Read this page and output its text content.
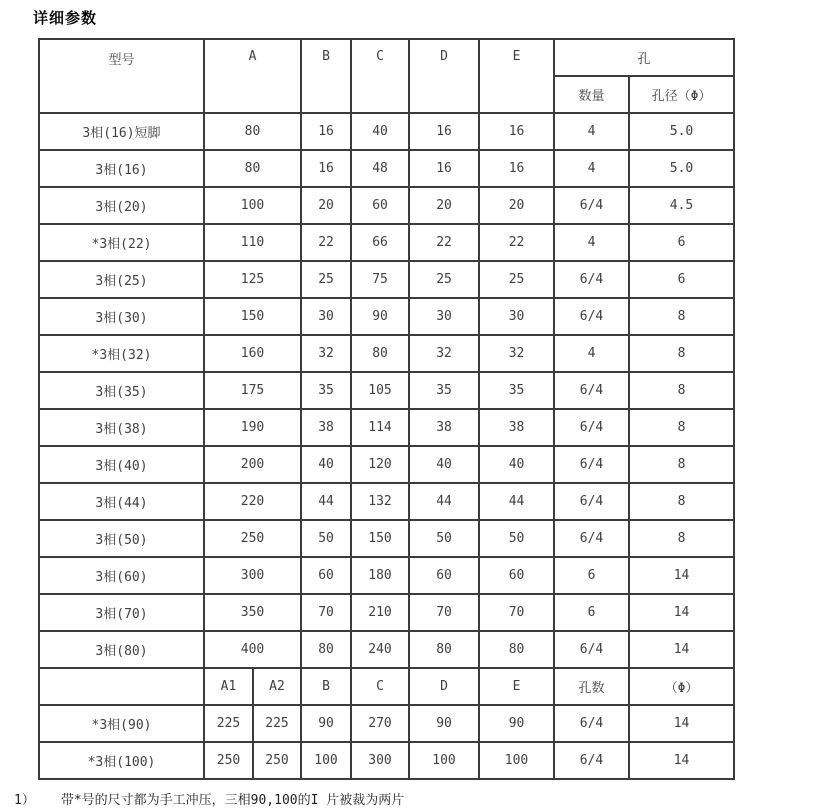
详细参数
型号	A		B	C	D	E	孔	
							数量	孔径（Φ）
3相(16)短脚	80		16	40	16	16	4	5.0
3相(16)	80		16	48	16	16	4	5.0
3相(20)	100		20	60	20	20	6/4	4.5
*3相(22)	110		22	66	22	22	4	6
3相(25)	125		25	75	25	25	6/4	6
3相(30)	150		30	90	30	30	6/4	8
*3相(32)	160		32	80	32	32	4	8
3相(35)	175		35	105	35	35	6/4	8
3相(38)	190		38	114	38	38	6/4	8
3相(40)	200		40	120	40	40	6/4	8
3相(44)	220		44	132	44	44	6/4	8
3相(50)	250		50	150	50	50	6/4	8
3相(60)	300		60	180	60	60	6	14
3相(70)	350		70	210	70	70	6	14
3相(80)	400		80	240	80	80	6/4	14
	A1	A2	B	C	D	E	孔数	（Φ）
*3相(90)	225	225	90	270	90	90	6/4	14
*3相(100)	250	250	100	300	100	100	6/4	14
1） 带*号的尺寸都为手工冲压，三相90,100的I 片被裁为两片
